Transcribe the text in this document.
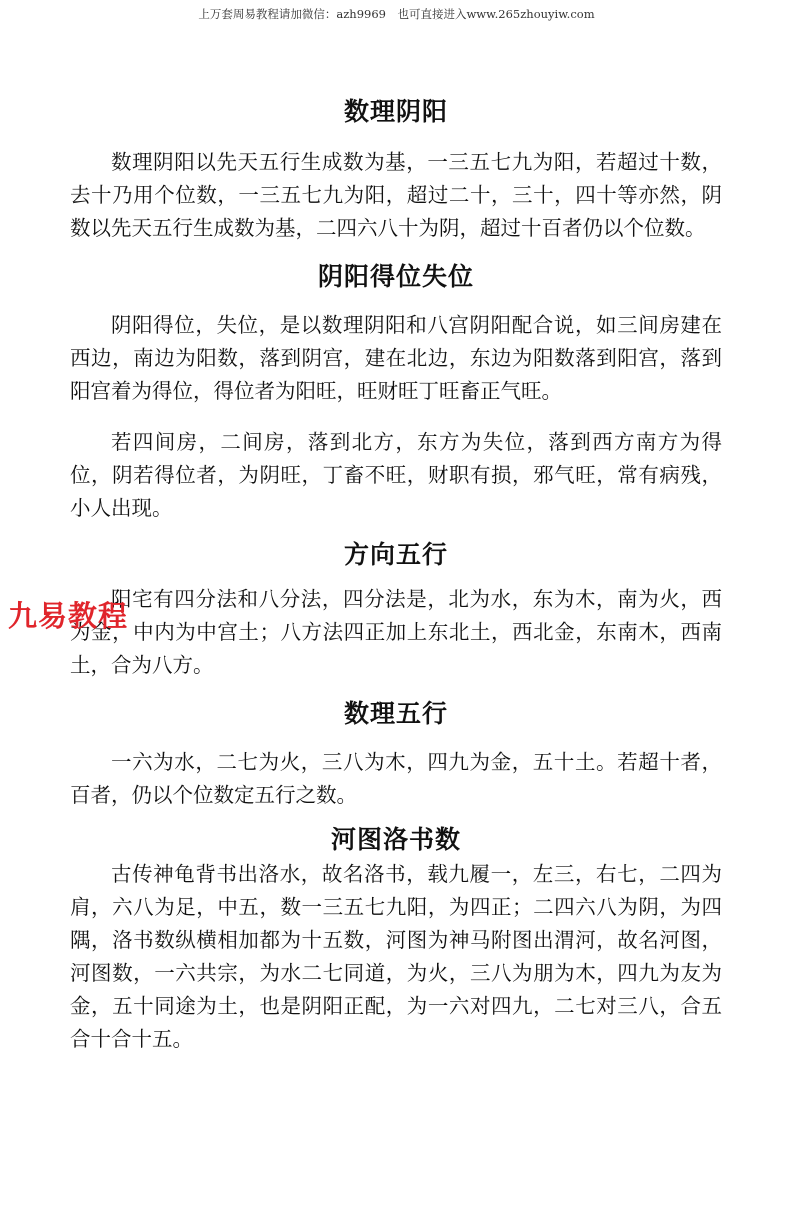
上万套周易教程请加微信：azh9969　也可直接进入www.265zhouyiw.com
数理阴阳

数理阴阳以先天五行生成数为基，一三五七九为阳，若超过十数，去十乃用个位数，一三五七九为阳，超过二十，三十，四十等亦然，阴数以先天五行生成数为基，二四六八十为阴，超过十百者仍以个位数。

阴阳得位失位

阴阳得位，失位，是以数理阴阳和八宫阴阳配合说，如三间房建在西边，南边为阳数，落到阴宫，建在北边，东边为阳数落到阳宫，落到阳宫着为得位，得位者为阳旺，旺财旺丁旺畜正气旺。

若四间房，二间房，落到北方，东方为失位，落到西方南方为得位，阴若得位者，为阴旺，丁畜不旺，财职有损，邪气旺，常有病残，小人出现。

方向五行

阳宅有四分法和八分法，四分法是，北为水，东为木，南为火，西为金，中内为中宫土；八方法四正加上东北土，西北金，东南木，西南土，合为八方。

数理五行

一六为水，二七为火，三八为木，四九为金，五十土。若超十者，百者，仍以个位数定五行之数。

河图洛书数

古传神龟背书出洛水，故名洛书，载九履一，左三，右七，二四为肩，六八为足，中五，数一三五七九阳，为四正；二四六八为阴，为四隅，洛书数纵横相加都为十五数，河图为神马附图出渭河，故名河图，河图数，一六共宗，为水二七同道，为火，三八为朋为木，四九为友为金，五十同途为土，也是阴阳正配，为一六对四九，二七对三八，合五合十合十五。

九易教程
